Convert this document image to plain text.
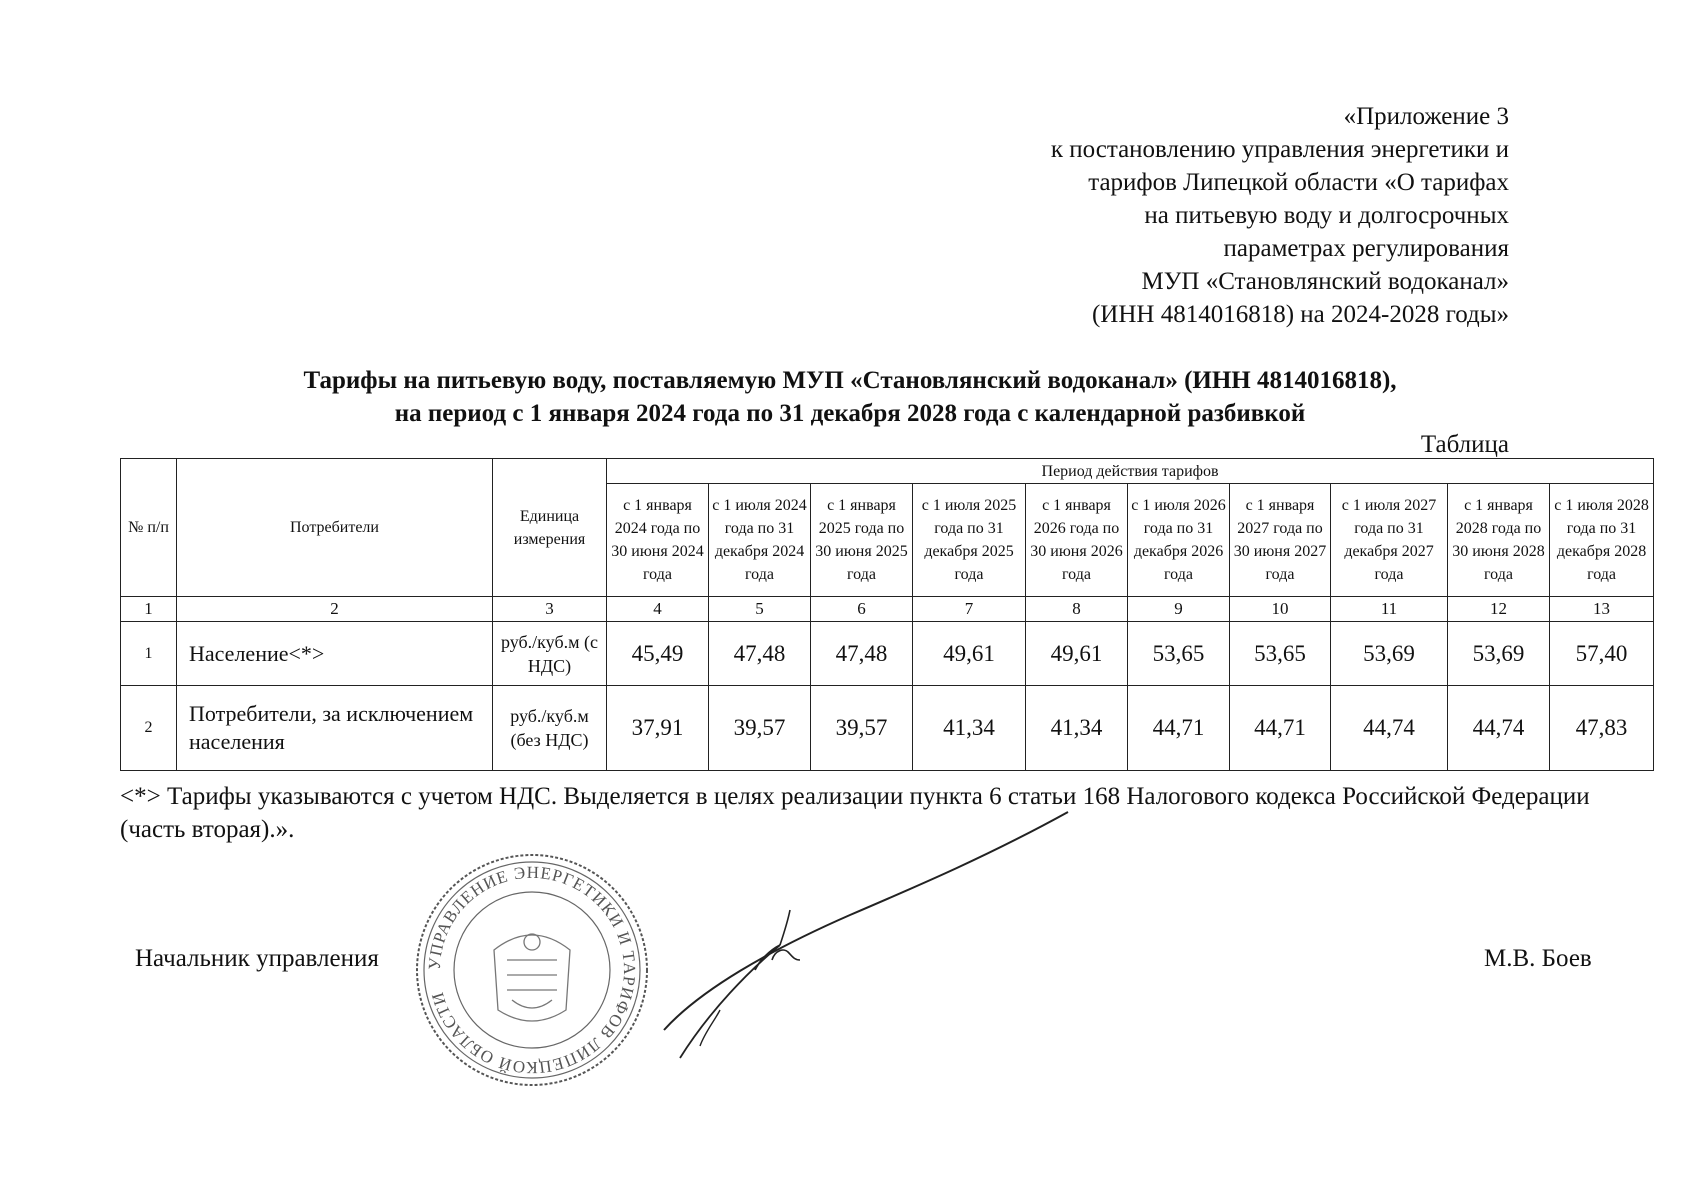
«Приложение 3
к постановлению управления энергетики и
тарифов Липецкой области «О тарифах
на питьевую воду и долгосрочных
параметрах регулирования
МУП «Становлянский водоканал»
(ИНН 4814016818) на 2024-2028 годы»
Тарифы на питьевую воду, поставляемую МУП «Становлянский водоканал» (ИНН 4814016818),
на период с 1 января 2024 года по 31 декабря 2028 года с календарной разбивкой
Таблица
№ п/п	Потребители	Единица измерения	Период действия тарифов									
			с 1 января 2024 года по 30 июня 2024 года	с 1 июля 2024 года по 31 декабря 2024 года	с 1 января 2025 года по 30 июня 2025 года	с 1 июля 2025 года по 31 декабря 2025 года	с 1 января 2026 года по 30 июня 2026 года	с 1 июля 2026 года по 31 декабря 2026 года	с 1 января 2027 года по 30 июня 2027 года	с 1 июля 2027 года по 31 декабря 2027 года	с 1 января 2028 года по 30 июня 2028 года	с 1 июля 2028 года по 31 декабря 2028 года
1	2	3	4	5	6	7	8	9	10	11	12	13
1	Население<*>	руб./куб.м (с НДС)	45,49	47,48	47,48	49,61	49,61	53,65	53,65	53,69	53,69	57,40
2	Потребители, за исключением населения	руб./куб.м (без НДС)	37,91	39,57	39,57	41,34	41,34	44,71	44,71	44,74	44,74	47,83
<*> Тарифы указываются с учетом НДС. Выделяется в целях реализации пункта 6 статьи 168 Налогового кодекса Российской Федерации (часть вторая).».
Начальник управления	УПРАВЛЕНИЕ ЭНЕРГЕТИКИ И ТАРИФОВ ЛИПЕЦКОЙ ОБЛАСТИ
М.В. Боев
